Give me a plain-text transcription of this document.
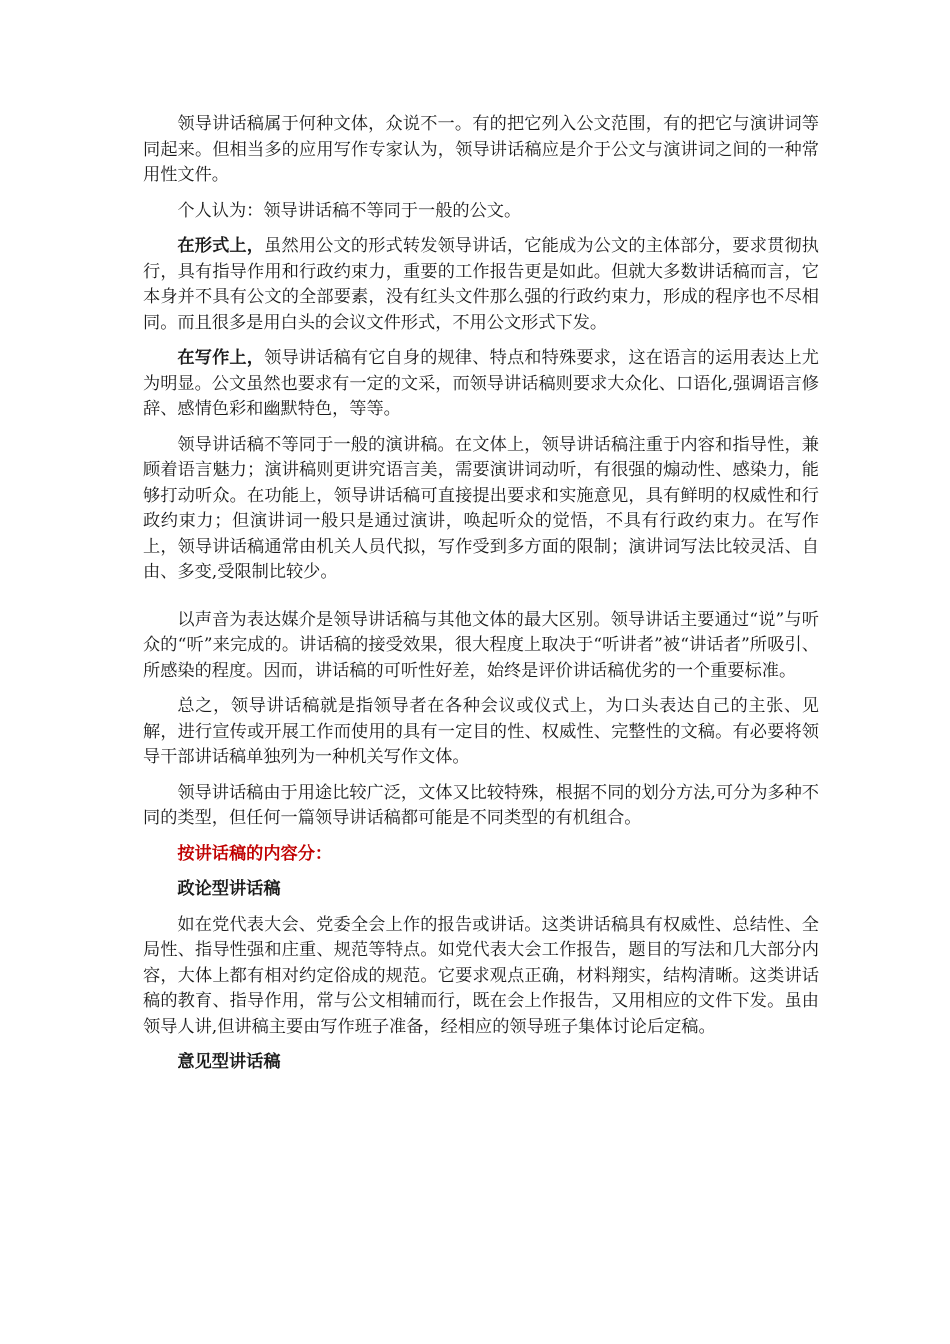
领导讲话稿属于何种文体，众说不一。有的把它列入公文范围，有的把它与演讲词等同起来。但相当多的应用写作专家认为，领导讲话稿应是介于公文与演讲词之间的一种常用性文件。

个人认为：领导讲话稿不等同于一般的公文。

在形式上，虽然用公文的形式转发领导讲话，它能成为公文的主体部分，要求贯彻执行，具有指导作用和行政约束力，重要的工作报告更是如此。但就大多数讲话稿而言，它本身并不具有公文的全部要素，没有红头文件那么强的行政约束力，形成的程序也不尽相同。而且很多是用白头的会议文件形式，不用公文形式下发。

在写作上，领导讲话稿有它自身的规律、特点和特殊要求，这在语言的运用表达上尤为明显。公文虽然也要求有一定的文采，而领导讲话稿则要求大众化、口语化,强调语言修辞、感情色彩和幽默特色，等等。

领导讲话稿不等同于一般的演讲稿。在文体上，领导讲话稿注重于内容和指导性，兼顾着语言魅力；演讲稿则更讲究语言美，需要演讲词动听，有很强的煽动性、感染力，能够打动听众。在功能上，领导讲话稿可直接提出要求和实施意见，具有鲜明的权威性和行政约束力；但演讲词一般只是通过演讲，唤起听众的觉悟，不具有行政约束力。在写作上，领导讲话稿通常由机关人员代拟，写作受到多方面的限制；演讲词写法比较灵活、自由、多变,受限制比较少。

以声音为表达媒介是领导讲话稿与其他文体的最大区别。领导讲话主要通过“说”与听众的“听”来完成的。讲话稿的接受效果，很大程度上取决于“听讲者”被“讲话者”所吸引、所感染的程度。因而，讲话稿的可听性好差，始终是评价讲话稿优劣的一个重要标准。

总之，领导讲话稿就是指领导者在各种会议或仪式上，为口头表达自己的主张、见解，进行宣传或开展工作而使用的具有一定目的性、权威性、完整性的文稿。有必要将领导干部讲话稿单独列为一种机关写作文体。

领导讲话稿由于用途比较广泛，文体又比较特殊，根据不同的划分方法,可分为多种不同的类型，但任何一篇领导讲话稿都可能是不同类型的有机组合。

按讲话稿的内容分：

政论型讲话稿

如在党代表大会、党委全会上作的报告或讲话。这类讲话稿具有权威性、总结性、全局性、指导性强和庄重、规范等特点。如党代表大会工作报告，题目的写法和几大部分内容，大体上都有相对约定俗成的规范。它要求观点正确，材料翔实，结构清晰。这类讲话稿的教育、指导作用，常与公文相辅而行，既在会上作报告，又用相应的文件下发。虽由领导人讲,但讲稿主要由写作班子准备，经相应的领导班子集体讨论后定稿。

意见型讲话稿
